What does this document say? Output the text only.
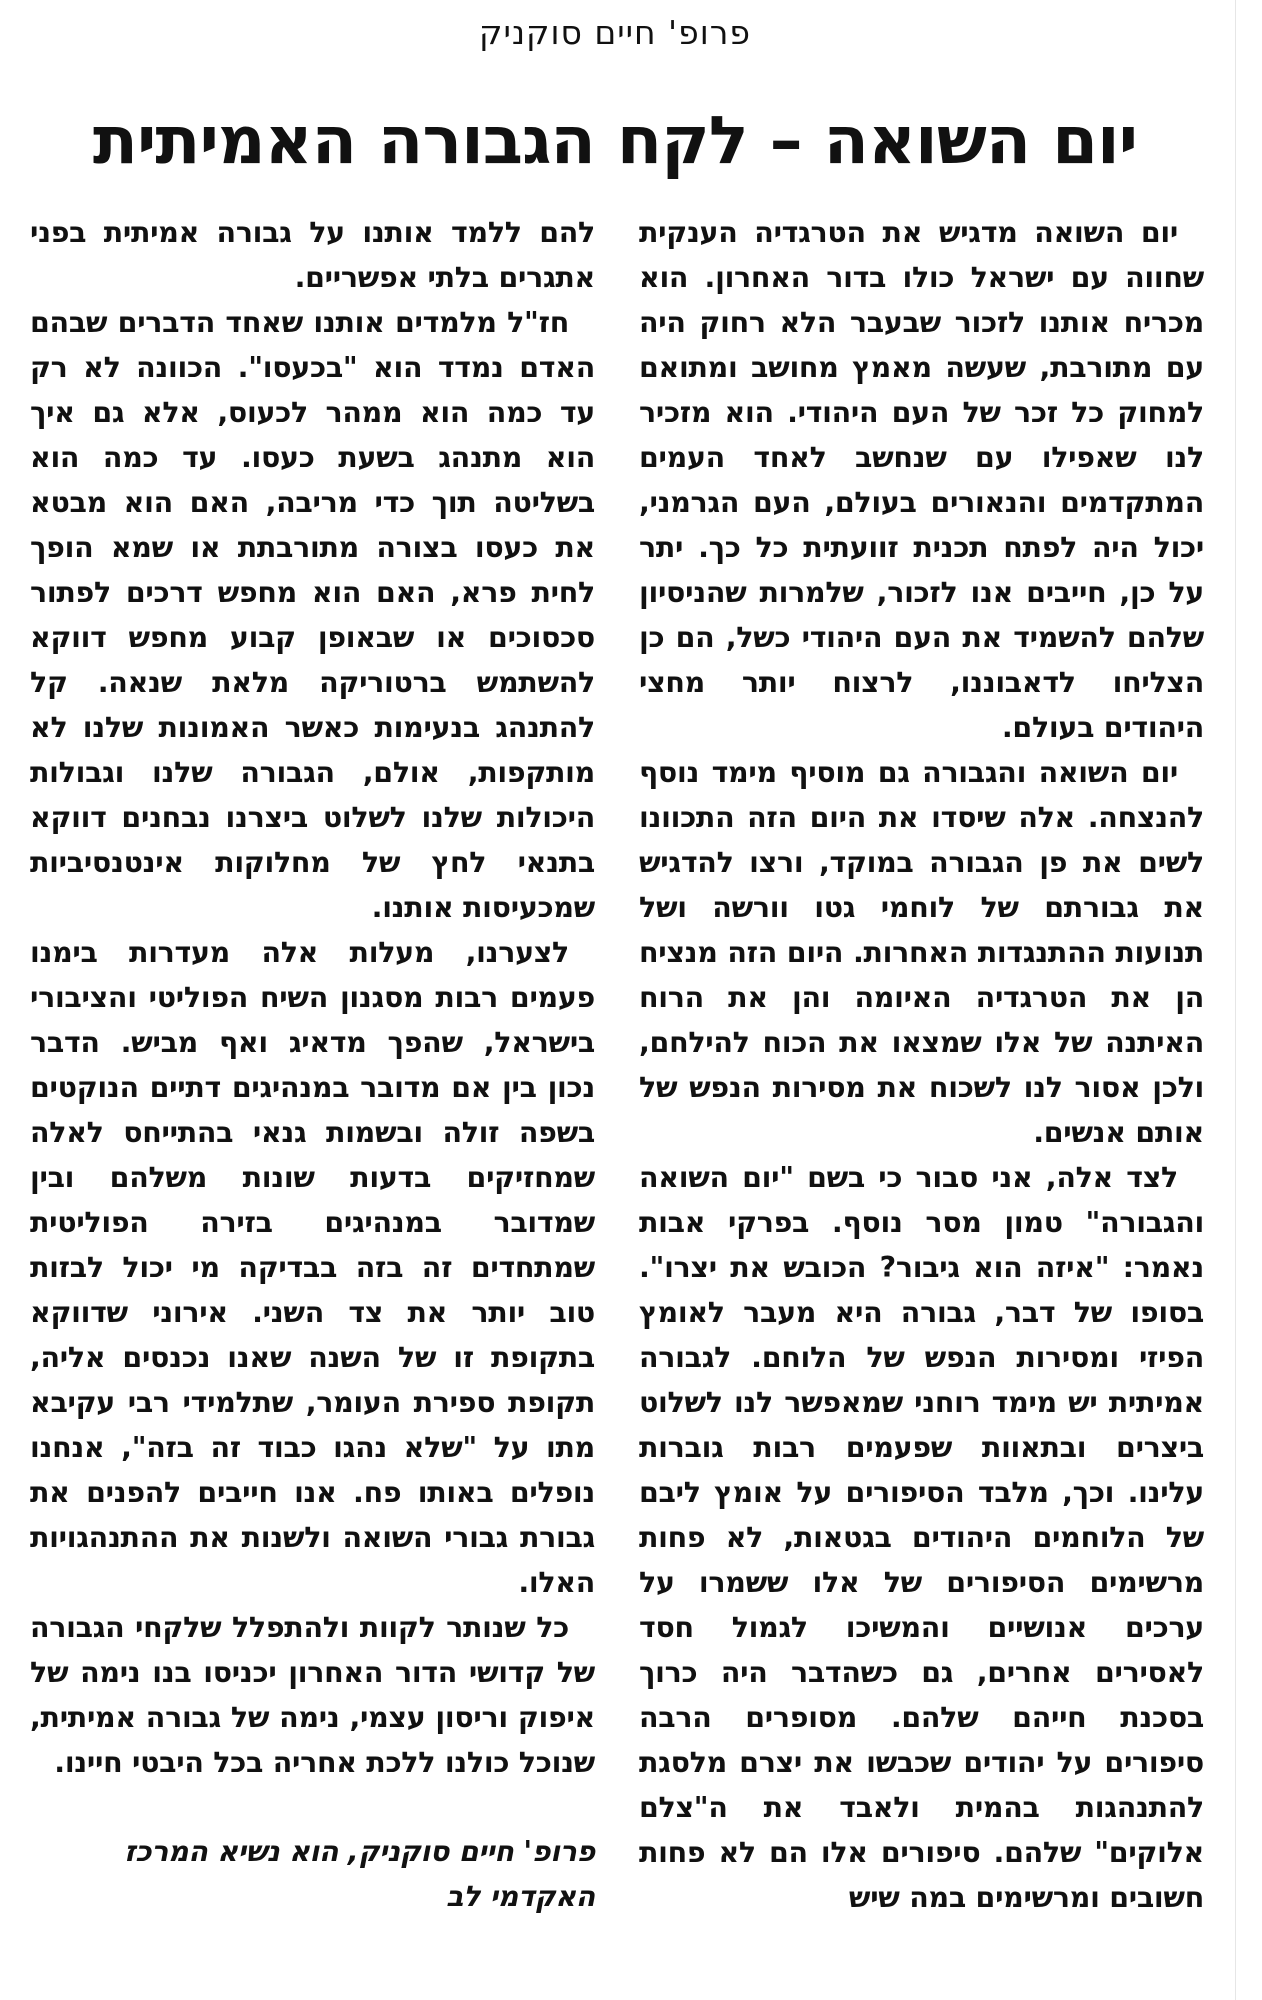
פרופ' חיים סוקניק
יום השואה – לקח הגבורה האמיתית

יום השואה מדגיש את הטרגדיה הענקית שחווה עם ישראל כולו בדור האחרון. הוא מכריח אותנו לזכור שבעבר הלא רחוק היה עם מתורבת, שעשה מאמץ מחושב ומתואם למחוק כל זכר של העם היהודי. הוא מזכיר לנו שאפילו עם שנחשב לאחד העמים המתקדמים והנאורים בעולם, העם הגרמני, יכול היה לפתח תכנית זוועתית כל כך. יתר על כן, חייבים אנו לזכור, שלמרות שהניסיון שלהם להשמיד את העם היהודי כשל, הם כן הצליחו לדאבוננו, לרצוח יותר מחצי היהודים בעולם.

יום השואה והגבורה גם מוסיף מימד נוסף להנצחה. אלה שיסדו את היום הזה התכוונו לשים את פן הגבורה במוקד, ורצו להדגיש את גבורתם של לוחמי גטו וורשה ושל תנועות ההתנגדות האחרות. היום הזה מנציח הן את הטרגדיה האיומה והן את הרוח האיתנה של אלו שמצאו את הכוח להילחם, ולכן אסור לנו לשכוח את מסירות הנפש של אותם אנשים.

לצד אלה, אני סבור כי בשם "יום השואה והגבורה" טמון מסר נוסף. בפרקי אבות נאמר: "איזה הוא גיבור? הכובש את יצרו". בסופו של דבר, גבורה היא מעבר לאומץ הפיזי ומסירות הנפש של הלוחם. לגבורה אמיתית יש מימד רוחני שמאפשר לנו לשלוט ביצרים ובתאוות שפעמים רבות גוברות עלינו. וכך, מלבד הסיפורים על אומץ ליבם של הלוחמים היהודים בגטאות, לא פחות מרשימים הסיפורים של אלו ששמרו על ערכים אנושיים והמשיכו לגמול חסד לאסירים אחרים, גם כשהדבר היה כרוך בסכנת חייהם שלהם. מסופרים הרבה סיפורים על יהודים שכבשו את יצרם מלסגת להתנהגות בהמית ולאבד את ה"צלם אלוקים" שלהם. סיפורים אלו הם לא פחות חשובים ומרשימים במה שיש

להם ללמד אותנו על גבורה אמיתית בפני אתגרים בלתי אפשריים.

חז"ל מלמדים אותנו שאחד הדברים שבהם האדם נמדד הוא "בכעסו". הכוונה לא רק עד כמה הוא ממהר לכעוס, אלא גם איך הוא מתנהג בשעת כעסו. עד כמה הוא בשליטה תוך כדי מריבה, האם הוא מבטא את כעסו בצורה מתורבתת או שמא הופך לחית פרא, האם הוא מחפש דרכים לפתור סכסוכים או שבאופן קבוע מחפש דווקא להשתמש ברטוריקה מלאת שנאה. קל להתנהג בנעימות כאשר האמונות שלנו לא מותקפות, אולם, הגבורה שלנו וגבולות היכולות שלנו לשלוט ביצרנו נבחנים דווקא בתנאי לחץ של מחלוקות אינטנסיביות שמכעיסות אותנו.

לצערנו, מעלות אלה מעדרות בימנו פעמים רבות מסגנון השיח הפוליטי והציבורי בישראל, שהפך מדאיג ואף מביש. הדבר נכון בין אם מדובר במנהיגים דתיים הנוקטים בשפה זולה ובשמות גנאי בהתייחס לאלה שמחזיקים בדעות שונות משלהם ובין שמדובר במנהיגים בזירה הפוליטית שמתחדים זה בזה בבדיקה מי יכול לבזות טוב יותר את צד השני. אירוני שדווקא בתקופת זו של השנה שאנו נכנסים אליה, תקופת ספירת העומר, שתלמידי רבי עקיבא מתו על "שלא נהגו כבוד זה בזה", אנחנו נופלים באותו פח. אנו חייבים להפנים את גבורת גבורי השואה ולשנות את ההתנהגויות האלו.

כל שנותר לקוות ולהתפלל שלקחי הגבורה של קדושי הדור האחרון יכניסו בנו נימה של איפוק וריסון עצמי, נימה של גבורה אמיתית, שנוכל כולנו ללכת אחריה בכל היבטי חיינו.

פרופ' חיים סוקניק, הוא נשיא המרכז האקדמי לב
